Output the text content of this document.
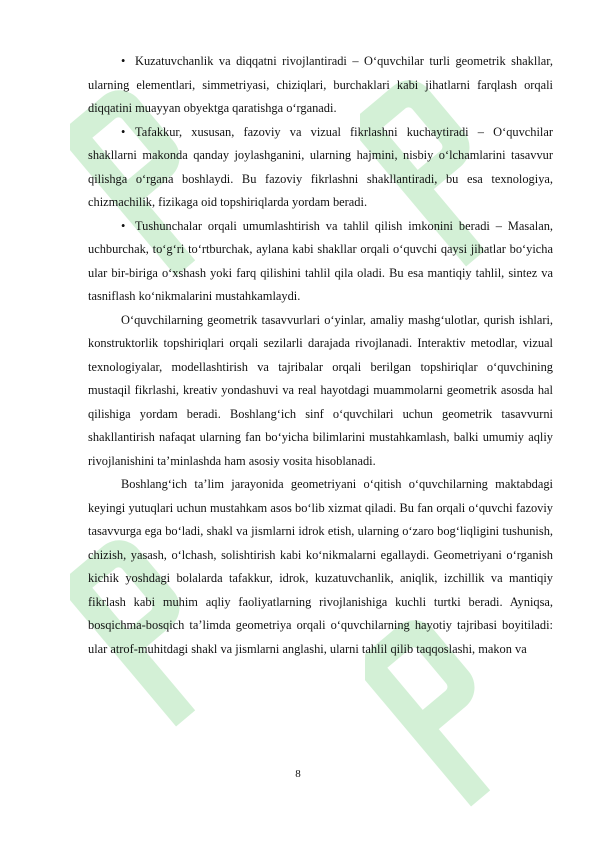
• Kuzatuvchanlik va diqqatni rivojlantiradi – O‘quvchilar turli geometrik shakllar, ularning elementlari, simmetriyasi, chiziqlari, burchaklari kabi jihatlarni farqlash orqali diqqatini muayyan obyektga qaratishga o‘rganadi.

• Tafakkur, xususan, fazoviy va vizual fikrlashni kuchaytiradi – O‘quvchilar shakllarni makonda qanday joylashganini, ularning hajmini, nisbiy o‘lchamlarini tasavvur qilishga o‘rgana boshlaydi. Bu fazoviy fikrlashni shakllantiradi, bu esa texnologiya, chizmachilik, fizikaga oid topshiriqlarda yordam beradi.

• Tushunchalar orqali umumlashtirish va tahlil qilish imkonini beradi – Masalan, uchburchak, to‘g‘ri to‘rtburchak, aylana kabi shakllar orqali o‘quvchi qaysi jihatlar bo‘yicha ular bir-biriga o‘xshash yoki farq qilishini tahlil qila oladi. Bu esa mantiqiy tahlil, sintez va tasniflash ko‘nikmalarini mustahkamlaydi.

O‘quvchilarning geometrik tasavvurlari o‘yinlar, amaliy mashg‘ulotlar, qurish ishlari, konstruktorlik topshiriqlari orqali sezilarli darajada rivojlanadi. Interaktiv metodlar, vizual texnologiyalar, modellashtirish va tajribalar orqali berilgan topshiriqlar o‘quvchining mustaqil fikrlashi, kreativ yondashuvi va real hayotdagi muammolarni geometrik asosda hal qilishiga yordam beradi. Boshlang‘ich sinf o‘quvchilari uchun geometrik tasavvurni shakllantirish nafaqat ularning fan bo‘yicha bilimlarini mustahkamlash, balki umumiy aqliy rivojlanishini ta’minlashda ham asosiy vosita hisoblanadi.

Boshlang‘ich ta’lim jarayonida geometriyani o‘qitish o‘quvchilarning maktabdagi keyingi yutuqlari uchun mustahkam asos bo‘lib xizmat qiladi. Bu fan orqali o‘quvchi fazoviy tasavvurga ega bo‘ladi, shakl va jismlarni idrok etish, ularning o‘zaro bog‘liqligini tushunish, chizish, yasash, o‘lchash, solishtirish kabi ko‘nikmalarni egallaydi. Geometriyani o‘rganish kichik yoshdagi bolalarda tafakkur, idrok, kuzatuvchanlik, aniqlik, izchillik va mantiqiy fikrlash kabi muhim aqliy faoliyatlarning rivojlanishiga kuchli turtki beradi. Ayniqsa, bosqichma-bosqich ta’limda geometriya orqali o‘quvchilarning hayotiy tajribasi boyitiladi: ular atrof-muhitdagi shakl va jismlarni anglashi, ularni tahlil qilib taqqoslashi, makon va

8
